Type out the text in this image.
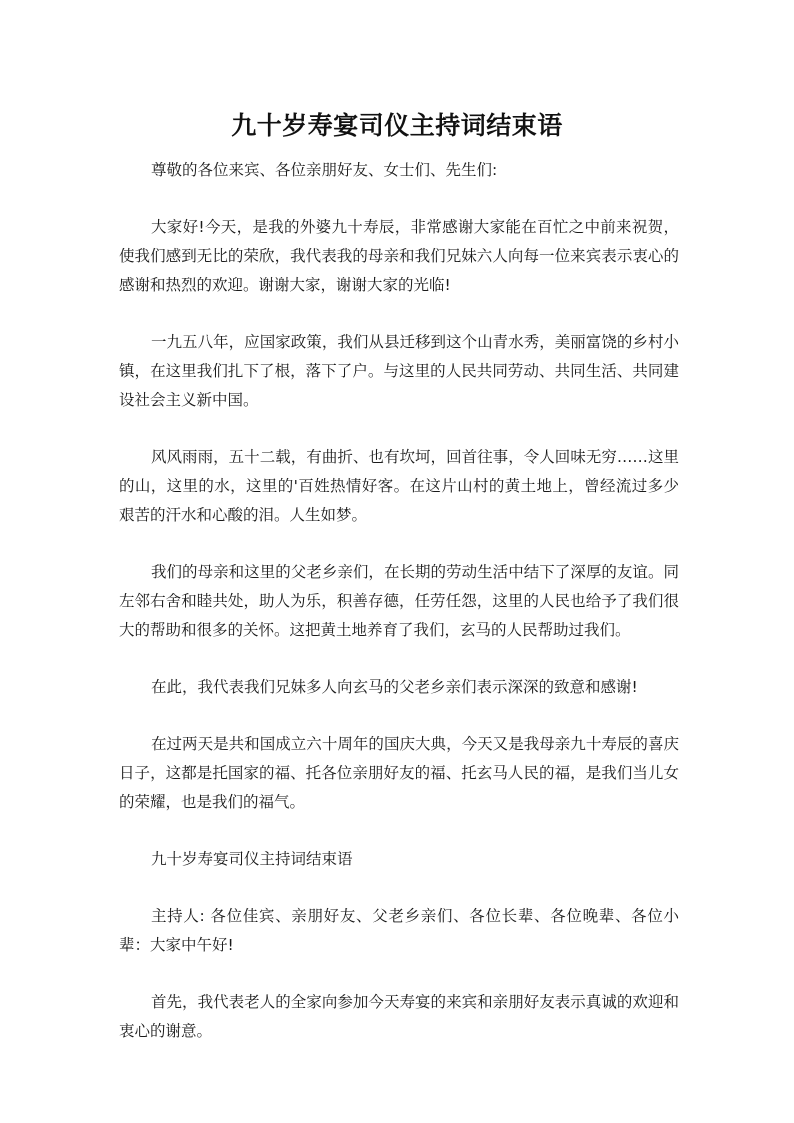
九十岁寿宴司仪主持词结束语

尊敬的各位来宾、各位亲朋好友、女士们、先生们:

大家好!今天，是我的外婆九十寿辰，非常感谢大家能在百忙之中前来祝贺，使我们感到无比的荣欣，我代表我的母亲和我们兄妹六人向每一位来宾表示衷心的感谢和热烈的欢迎。谢谢大家，谢谢大家的光临!

一九五八年，应国家政策，我们从县迁移到这个山青水秀，美丽富饶的乡村小镇，在这里我们扎下了根，落下了户。与这里的人民共同劳动、共同生活、共同建设社会主义新中国。

风风雨雨，五十二载，有曲折、也有坎坷，回首往事，令人回味无穷……这里的山，这里的水，这里的'百姓热情好客。在这片山村的黄土地上，曾经流过多少艰苦的汗水和心酸的泪。人生如梦。

我们的母亲和这里的父老乡亲们，在长期的劳动生活中结下了深厚的友谊。同左邻右舍和睦共处，助人为乐，积善存德，任劳任怨，这里的人民也给予了我们很大的帮助和很多的关怀。这把黄土地养育了我们，玄马的人民帮助过我们。

在此，我代表我们兄妹多人向玄马的父老乡亲们表示深深的致意和感谢!

在过两天是共和国成立六十周年的国庆大典，今天又是我母亲九十寿辰的喜庆日子，这都是托国家的福、托各位亲朋好友的福、托玄马人民的福，是我们当儿女的荣耀，也是我们的福气。

九十岁寿宴司仪主持词结束语

主持人: 各位佳宾、亲朋好友、父老乡亲们、各位长辈、各位晚辈、各位小辈：大家中午好!

首先，我代表老人的全家向参加今天寿宴的来宾和亲朋好友表示真诚的欢迎和衷心的谢意。
